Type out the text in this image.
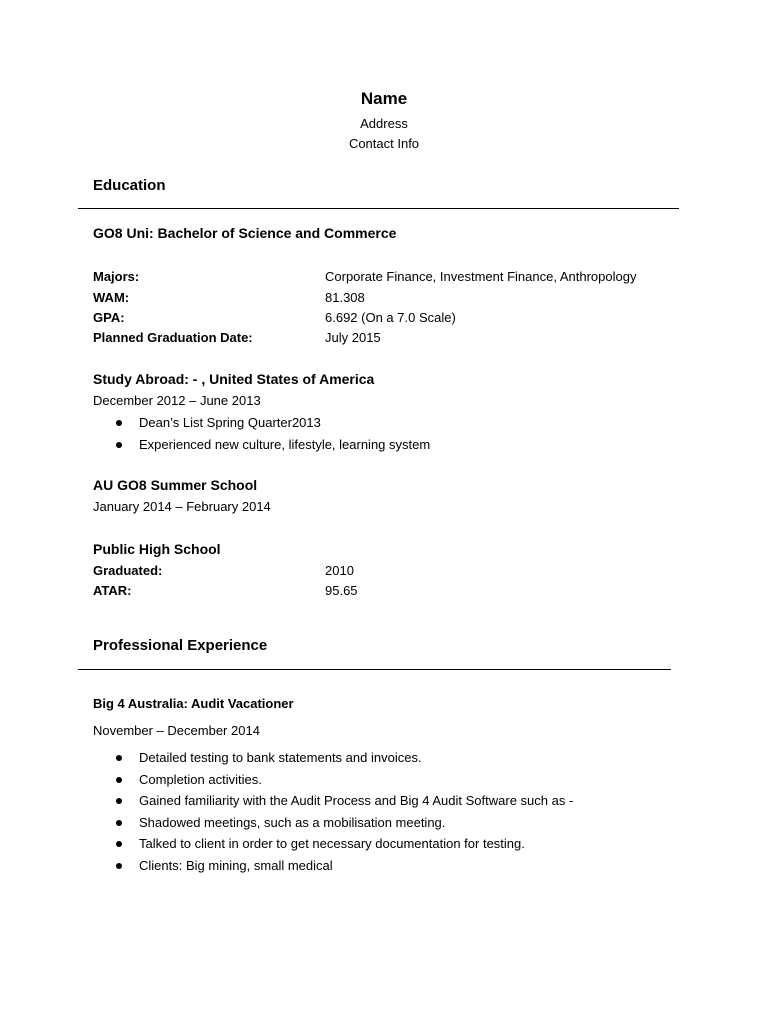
Name
Address
Contact Info
Education
GO8 Uni: Bachelor of Science and Commerce
Majors:	Corporate Finance, Investment Finance, Anthropology
WAM:	81.308
GPA:	6.692 (On a 7.0 Scale)
Planned Graduation Date:	July 2015
Study Abroad: - , United States of America
December 2012 – June 2013
Dean’s List Spring Quarter2013
Experienced new culture, lifestyle, learning system
AU GO8 Summer School
January 2014 – February 2014
Public High School
Graduated:	2010
ATAR:	95.65
Professional Experience
Big 4 Australia: Audit Vacationer
November – December 2014
Detailed testing to bank statements and invoices.
Completion activities.
Gained familiarity with the Audit Process and Big 4 Audit Software such as -
Shadowed meetings, such as a mobilisation meeting.
Talked to client in order to get necessary documentation for testing.
Clients: Big mining, small medical
